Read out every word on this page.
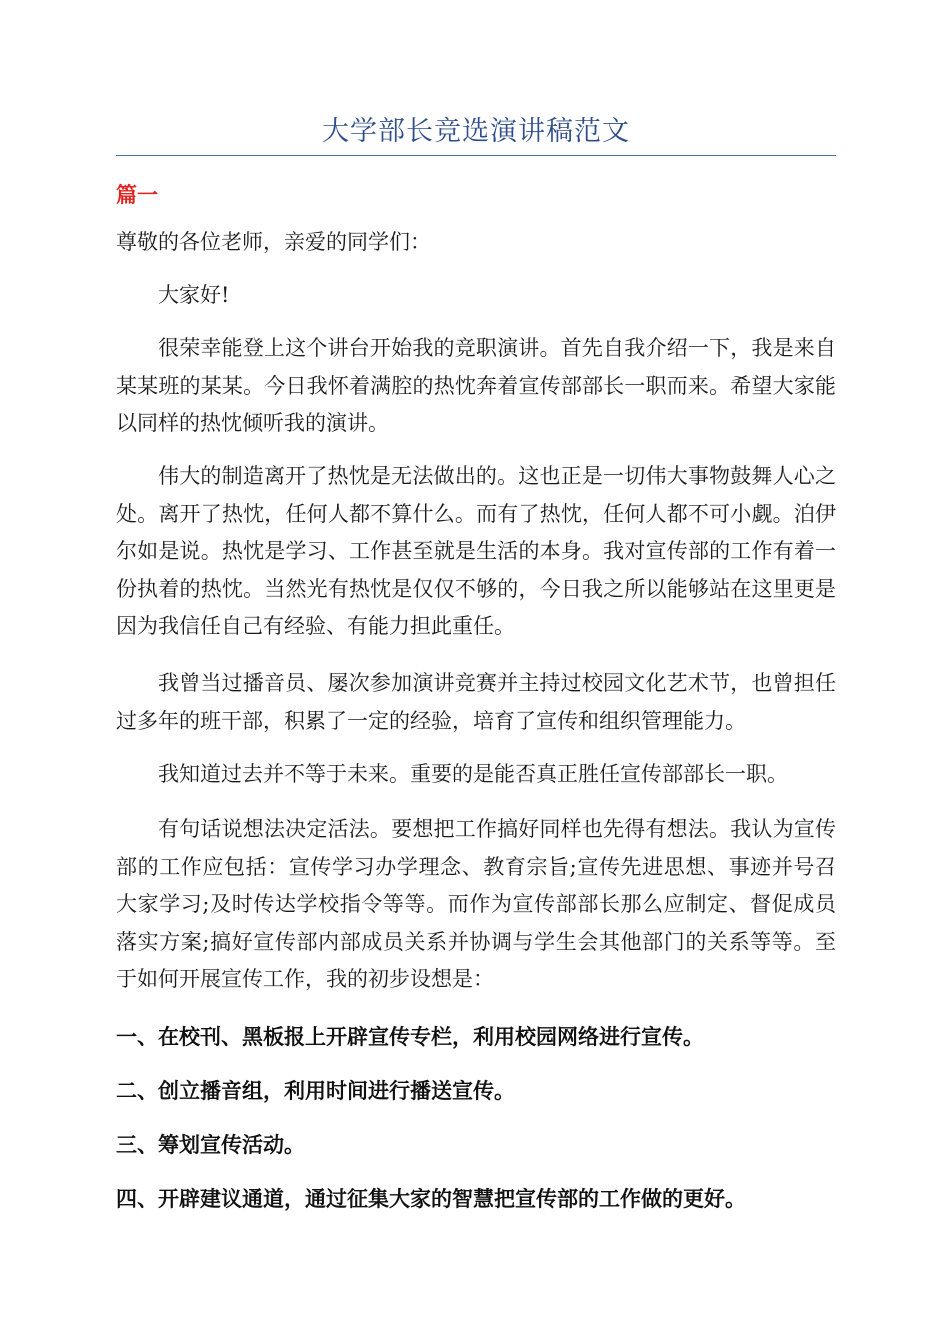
大学部长竞选演讲稿范文
篇一

尊敬的各位老师，亲爱的同学们：

大家好!

很荣幸能登上这个讲台开始我的竞职演讲。首先自我介绍一下，我是来自某某班的某某。今日我怀着满腔的热忱奔着宣传部部长一职而来。希望大家能以同样的热忱倾听我的演讲。

伟大的制造离开了热忱是无法做出的。这也正是一切伟大事物鼓舞人心之处。离开了热忱，任何人都不算什么。而有了热忱，任何人都不可小觑。泊伊尔如是说。热忱是学习、工作甚至就是生活的本身。我对宣传部的工作有着一份执着的热忱。当然光有热忱是仅仅不够的，今日我之所以能够站在这里更是因为我信任自己有经验、有能力担此重任。

我曾当过播音员、屡次参加演讲竞赛并主持过校园文化艺术节，也曾担任过多年的班干部，积累了一定的经验，培育了宣传和组织管理能力。

我知道过去并不等于未来。重要的是能否真正胜任宣传部部长一职。

有句话说想法决定活法。要想把工作搞好同样也先得有想法。我认为宣传部的工作应包括：宣传学习办学理念、教育宗旨;宣传先进思想、事迹并号召大家学习;及时传达学校指令等等。而作为宣传部部长那么应制定、督促成员落实方案;搞好宣传部内部成员关系并协调与学生会其他部门的关系等等。至于如何开展宣传工作，我的初步设想是：

一、在校刊、黑板报上开辟宣传专栏，利用校园网络进行宣传。

二、创立播音组，利用时间进行播送宣传。

三、筹划宣传活动。

四、开辟建议通道，通过征集大家的智慧把宣传部的工作做的更好。
